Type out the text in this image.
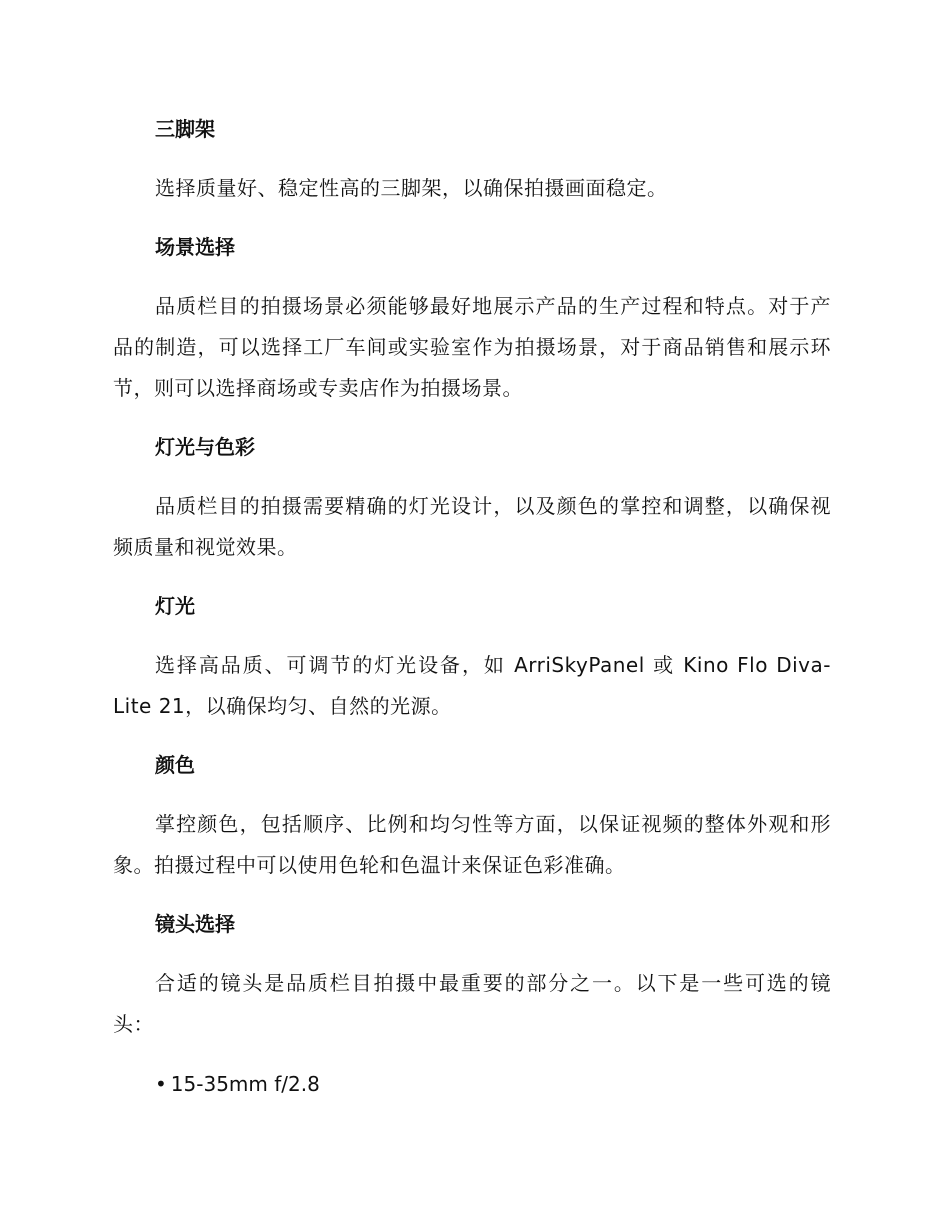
三脚架

选择质量好、稳定性高的三脚架，以确保拍摄画面稳定。

场景选择

品质栏目的拍摄场景必须能够最好地展示产品的生产过程和特点。对于产品的制造，可以选择工厂车间或实验室作为拍摄场景，对于商品销售和展示环节，则可以选择商场或专卖店作为拍摄场景。

灯光与色彩

品质栏目的拍摄需要精确的灯光设计，以及颜色的掌控和调整，以确保视频质量和视觉效果。

灯光

选择高品质、可调节的灯光设备，如 ArriSkyPanel 或 Kino Flo Diva-Lite 21，以确保均匀、自然的光源。

颜色

掌控颜色，包括顺序、比例和均匀性等方面，以保证视频的整体外观和形象。拍摄过程中可以使用色轮和色温计来保证色彩准确。

镜头选择

合适的镜头是品质栏目拍摄中最重要的部分之一。以下是一些可选的镜头：

• 15-35mm f/2.8
